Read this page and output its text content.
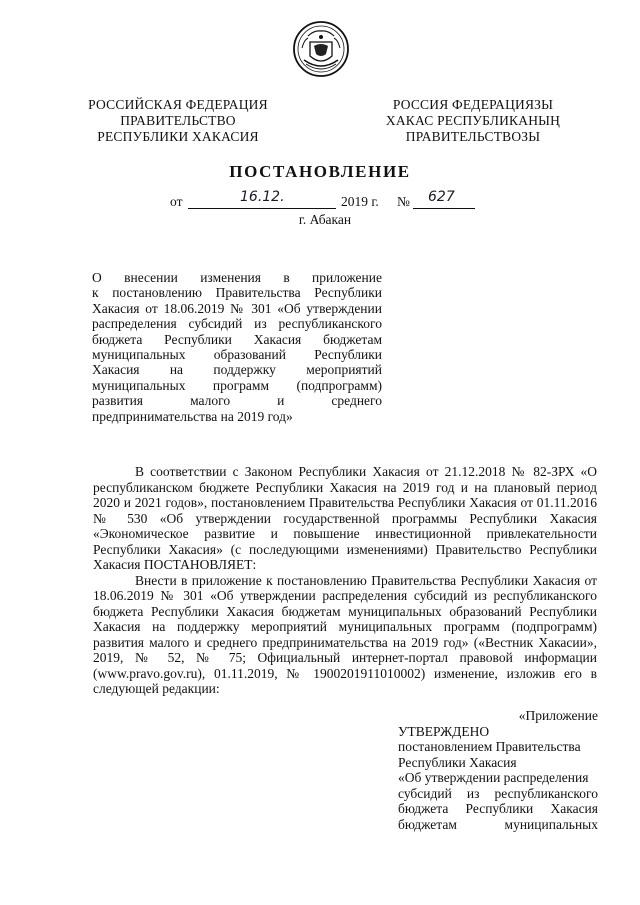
РОССИЙСКАЯ ФЕДЕРАЦИЯ
ПРАВИТЕЛЬСТВО
РЕСПУБЛИКИ ХАКАСИЯ
РОССИЯ ФЕДЕРАЦИЯЗЫ
ХАКАС РЕСПУБЛИКАНЫҢ
ПРАВИТЕЛЬСТВОЗЫ
ПОСТАНОВЛЕНИЕ
от	16.12.	2019 г. № 627
г. Абакан
О внесении изменения в приложение
к постановлению Правительства Республики
Хакасия от 18.06.2019 № 301 «Об утверждении
распределения субсидий из республиканского
бюджета Республики Хакасия бюджетам
муниципальных образований Республики
Хакасия на поддержку мероприятий
муниципальных программ (подпрограмм)
развития малого и среднего
предпринимательства на 2019 год»

В соответствии с Законом Республики Хакасия от 21.12.2018 № 82-ЗРХ «О республиканском бюджете Республики Хакасия на 2019 год и на плановый период 2020 и 2021 годов», постановлением Правительства Республики Хакасия от 01.11.2016 № 530 «Об утверждении государственной программы Республики Хакасия «Экономическое развитие и повышение инвестиционной привлекательности Республики Хакасия» (с последующими изменениями) Правительство Республики Хакасия ПОСТАНОВЛЯЕТ:

Внести в приложение к постановлению Правительства Республики Хакасия от 18.06.2019 № 301 «Об утверждении распределения субсидий из республиканского бюджета Республики Хакасия бюджетам муниципальных образований Республики Хакасия на поддержку мероприятий муниципальных программ (подпрограмм) развития малого и среднего предпринимательства на 2019 год» («Вестник Хакасии», 2019, № 52, № 75; Официальный интернет-портал правовой информации (www.pravo.gov.ru), 01.11.2019, № 1900201911010002) изменение, изложив его в следующей редакции:

«Приложение
УТВЕРЖДЕНО
постановлением Правительства
Республики Хакасия
«Об утверждении распределения
субсидий из республиканского
бюджета Республики Хакасия
бюджетам муниципальных
